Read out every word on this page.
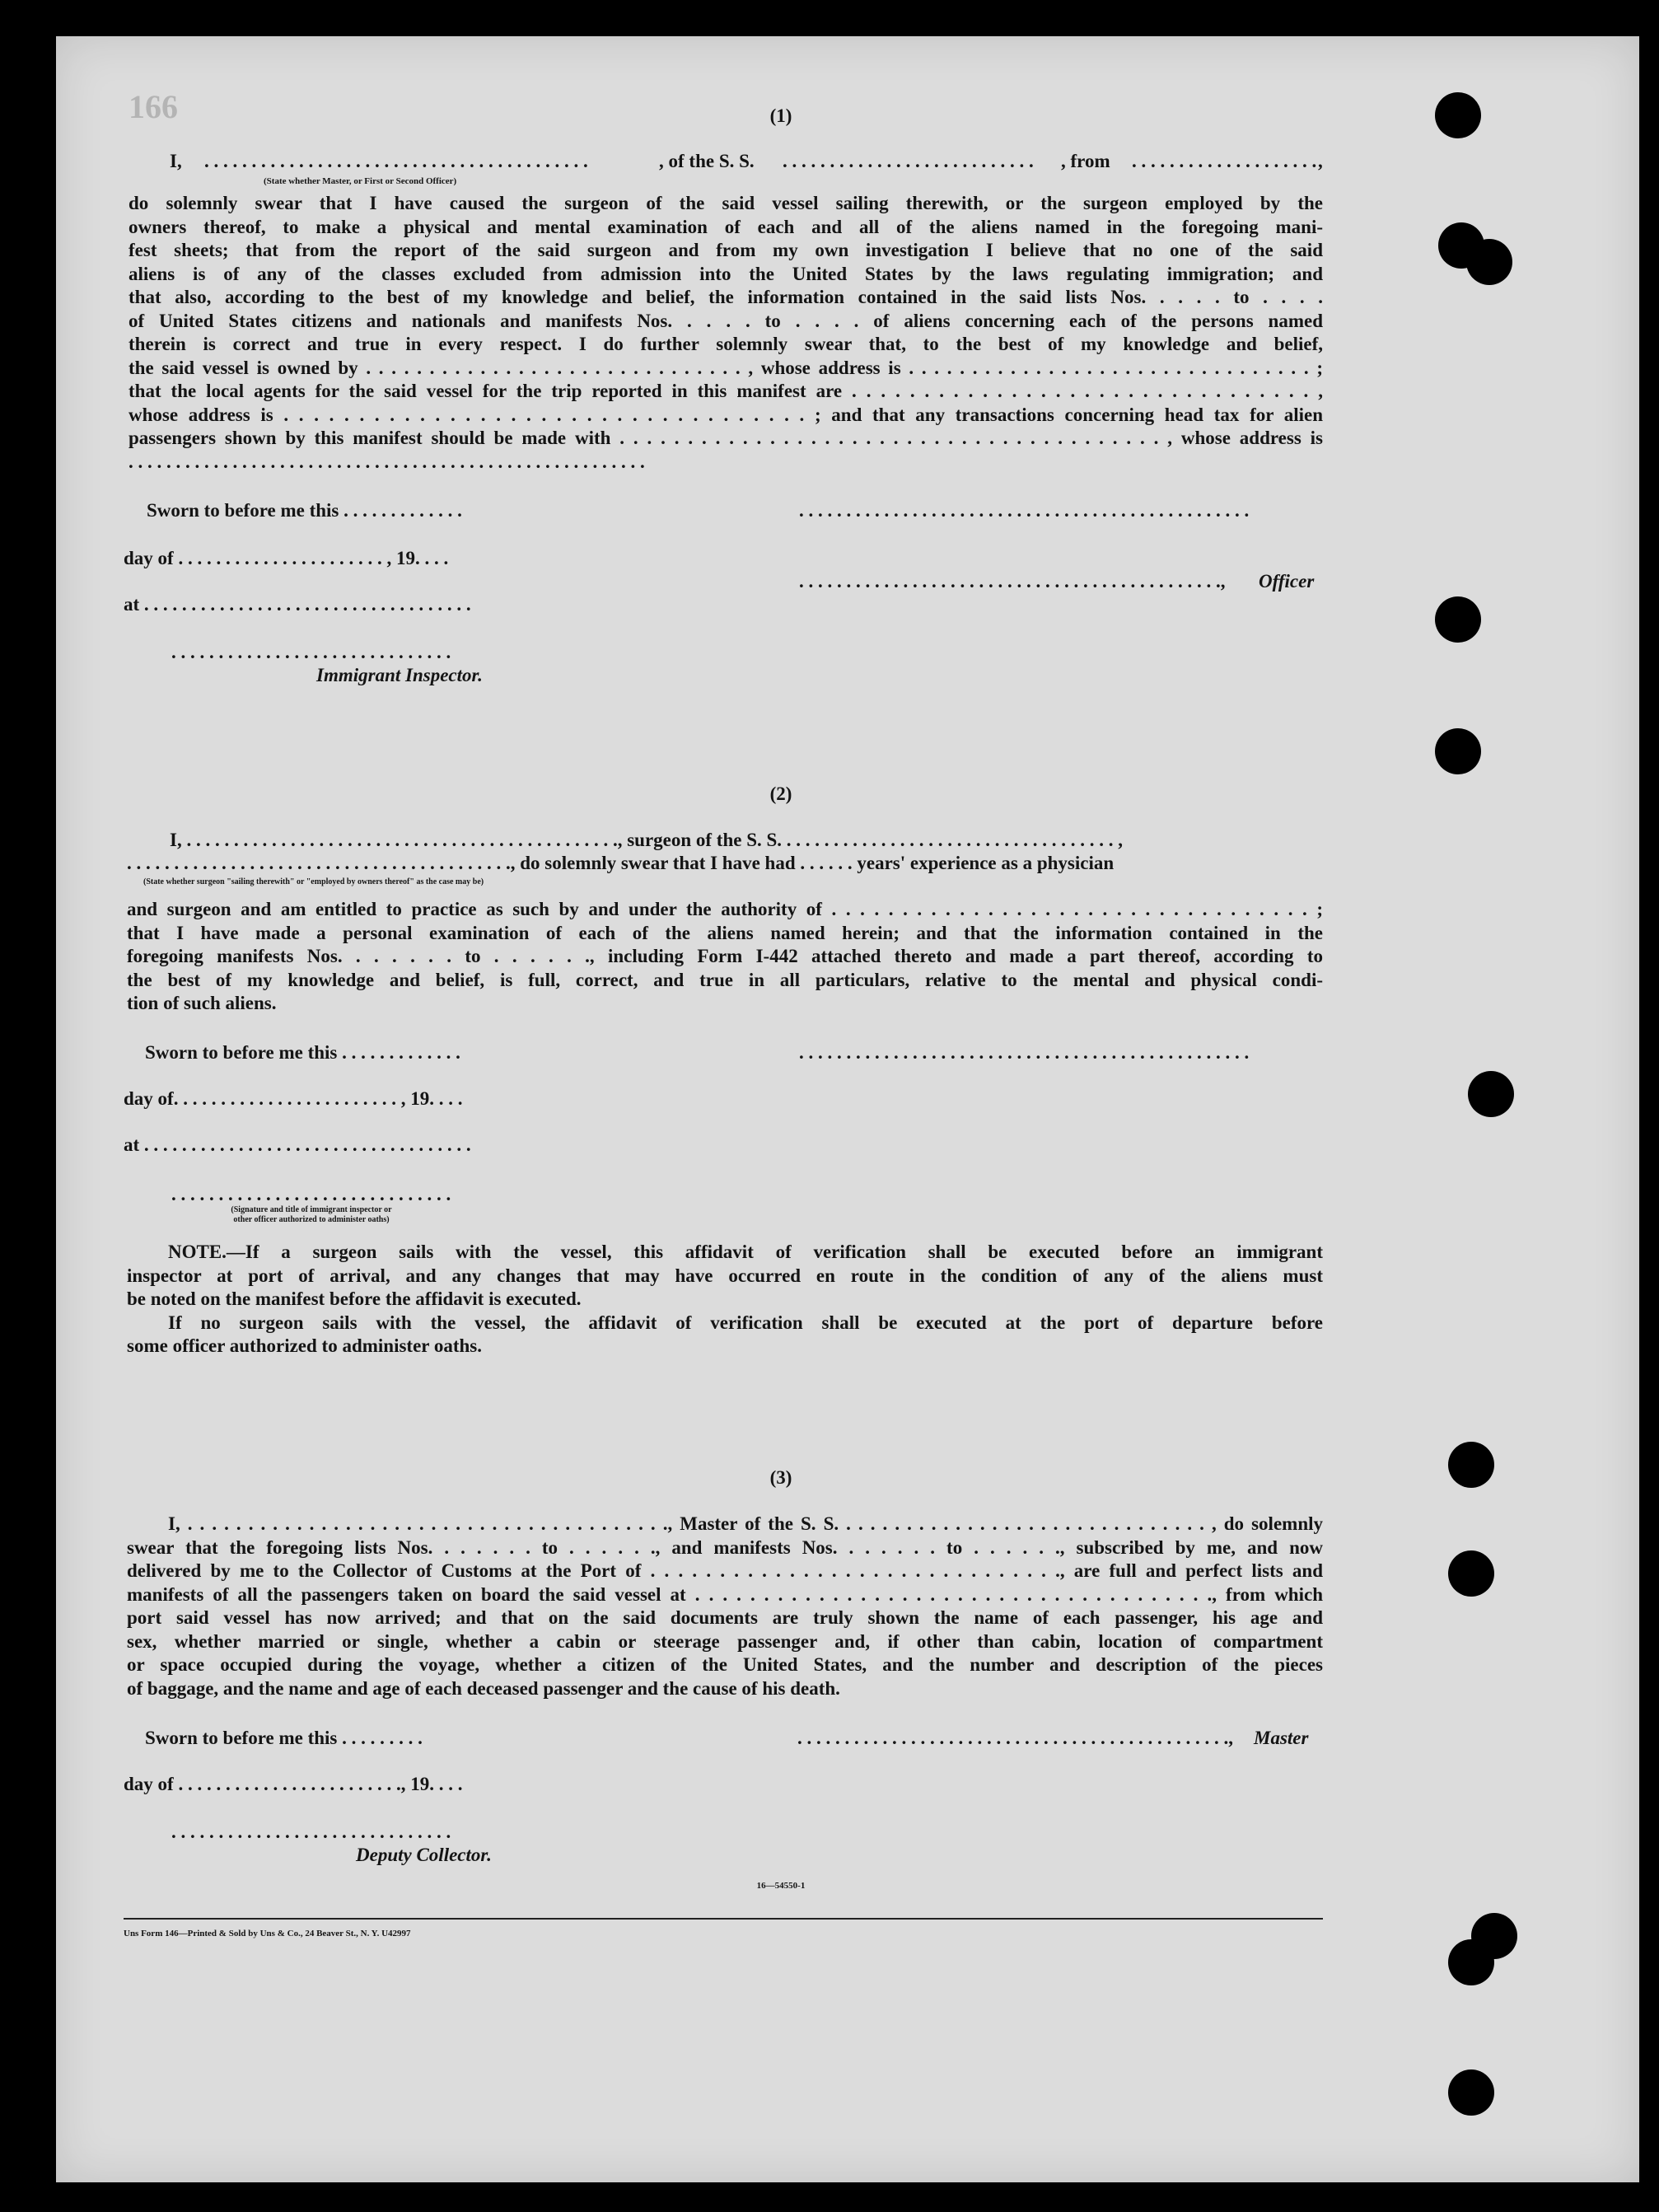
166	(1)
I, . . . . . . . . . . . . . . . . . . . . . . . . . . . . . . . . . . . . . . . . .	, of the S. S. . . . . . . . . . . . . . . . . . . . . . . . . . . . , from . . . . . . . . . . . . . . . . . . . . ,
(State whether Master, or First or Second Officer)

do solemnly swear that I have caused the surgeon of the said vessel sailing therewith, or the surgeon employed by the

owners thereof, to make a physical and mental examination of each and all of the aliens named in the foregoing mani-

fest sheets; that from the report of the said surgeon and from my own investigation I believe that no one of the said

aliens is of any of the classes excluded from admission into the United States by the laws regulating immigration; and

that also, according to the best of my knowledge and belief, the information contained in the said lists Nos. . . . . to . . . .

of United States citizens and nationals and manifests Nos. . . . . to . . . . of aliens concerning each of the persons named

therein is correct and true in every respect. I do further solemnly swear that, to the best of my knowledge and belief,

the said vessel is owned by . . . . . . . . . . . . . . . . . . . . . . . . . . . . . . , whose address is . . . . . . . . . . . . . . . . . . . . . . . . . . . . . . . . ;

that the local agents for the said vessel for the trip reported in this manifest are . . . . . . . . . . . . . . . . . . . . . . . . . . . . . . . . ,

whose address is . . . . . . . . . . . . . . . . . . . . . . . . . . . . . . . . . . . ; and that any transactions concerning head tax for alien

passengers shown by this manifest should be made with . . . . . . . . . . . . . . . . . . . . . . . . . . . . . . . . . . . . . . . . , whose address is

. . . . . . . . . . . . . . . . . . . . . . . . . . . . . . . . . . . . . . . . . . . . . . . . . . . . . . .

Sworn to before me this . . . . . . . . . . . . .	. . . . . . . . . . . . . . . . . . . . . . . . . . . . . . . . . . . . . . . . . . . . . . . .
day of . . . . . . . . . . . . . . . . . . . . . . , 19. . . .
. . . . . . . . . . . . . . . . . . . . . . . . . . . . . . . . . . . . . . . . . . . . ., Officer
at . . . . . . . . . . . . . . . . . . . . . . . . . . . . . . . . . . .
. . . . . . . . . . . . . . . . . . . . . . . . . . . . . .
Immigrant Inspector.
(2)
I, . . . . . . . . . . . . . . . . . . . . . . . . . . . . . . . . . . . . . . . . . . . . . ., surgeon of the S. S. . . . . . . . . . . . . . . . . . . . . . . . . . . . . . . . . . . . ,
. . . . . . . . . . . . . . . . . . . . . . . . . . . . . . . . . . . . . . . . ., do solemnly swear that I have had . . . . . . years' experience as a physician
(State whether surgeon "sailing therewith" or "employed by owners thereof" as the case may be)

and surgeon and am entitled to practice as such by and under the authority of . . . . . . . . . . . . . . . . . . . . . . . . . . . . . . . . . . ;

that I have made a personal examination of each of the aliens named herein; and that the information contained in the

foregoing manifests Nos. . . . . . . to . . . . . ., including Form I-442 attached thereto and made a part thereof, according to

the best of my knowledge and belief, is full, correct, and true in all particulars, relative to the mental and physical condi-

tion of such aliens.

Sworn to before me this . . . . . . . . . . . . .	. . . . . . . . . . . . . . . . . . . . . . . . . . . . . . . . . . . . . . . . . . . . . . . .
day of. . . . . . . . . . . . . . . . . . . . . . . . , 19. . . .
at . . . . . . . . . . . . . . . . . . . . . . . . . . . . . . . . . . .
. . . . . . . . . . . . . . . . . . . . . . . . . . . . . .
(Signature and title of immigrant inspector or
other officer authorized to administer oaths)

NOTE.—If a surgeon sails with the vessel, this affidavit of verification shall be executed before an immigrant

inspector at port of arrival, and any changes that may have occurred en route in the condition of any of the aliens must

be noted on the manifest before the affidavit is executed.

If no surgeon sails with the vessel, the affidavit of verification shall be executed at the port of departure before

some officer authorized to administer oaths.

(3)

I, . . . . . . . . . . . . . . . . . . . . . . . . . . . . . . . . . . . . . . . ., Master of the S. S. . . . . . . . . . . . . . . . . . . . . . . . . . . . . . . , do solemnly

swear that the foregoing lists Nos. . . . . . . to . . . . . ., and manifests Nos. . . . . . . to . . . . . ., subscribed by me, and now

delivered by me to the Collector of Customs at the Port of . . . . . . . . . . . . . . . . . . . . . . . . . . . . . ., are full and perfect lists and

manifests of all the passengers taken on board the said vessel at . . . . . . . . . . . . . . . . . . . . . . . . . . . . . . . . . . . . . ., from which

port said vessel has now arrived; and that on the said documents are truly shown the name of each passenger, his age and

sex, whether married or single, whether a cabin or steerage passenger and, if other than cabin, location of compartment

or space occupied during the voyage, whether a citizen of the United States, and the number and description of the pieces

of baggage, and the name and age of each deceased passenger and the cause of his death.

Sworn to before me this . . . . . . . . .	. . . . . . . . . . . . . . . . . . . . . . . . . . . . . . . . . . . . . . . . . . . . . ., Master
day of . . . . . . . . . . . . . . . . . . . . . . . ., 19. . . .
. . . . . . . . . . . . . . . . . . . . . . . . . . . . . .
Deputy Collector.
16—54550-1
Uns Form 146—Printed & Sold by Uns & Co., 24 Beaver St., N. Y. U42997
